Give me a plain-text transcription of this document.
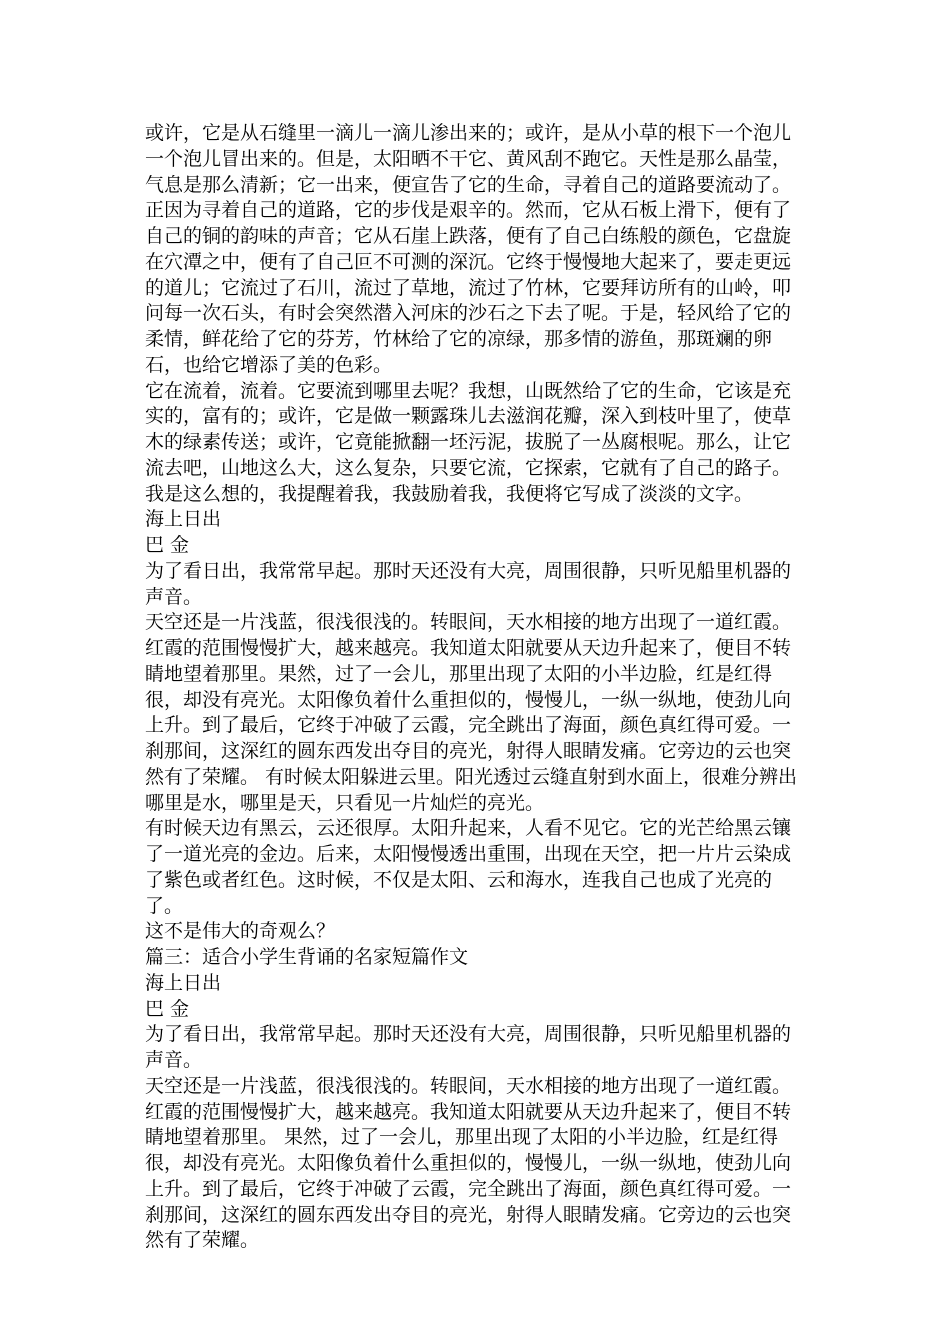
或许，它是从石缝里一滴儿一滴儿渗出来的；或许，是从小草的根下一个泡儿
一个泡儿冒出来的。但是，太阳晒不干它、黄风刮不跑它。天性是那么晶莹，
气息是那么清新；它一出来，便宣告了它的生命，寻着自己的道路要流动了。
正因为寻着自己的道路，它的步伐是艰辛的。然而，它从石板上滑下，便有了
自己的铜的韵味的声音；它从石崖上跌落，便有了自己白练般的颜色，它盘旋
在穴潭之中，便有了自己叵不可测的深沉。它终于慢慢地大起来了，要走更远
的道儿；它流过了石川，流过了草地，流过了竹林，它要拜访所有的山岭，叩
问每一次石头，有时会突然潜入河床的沙石之下去了呢。于是，轻风给了它的
柔情，鲜花给了它的芬芳，竹林给了它的凉绿，那多情的游鱼，那斑斓的卵
石，也给它增添了美的色彩。
它在流着，流着。它要流到哪里去呢？我想，山既然给了它的生命，它该是充
实的，富有的；或许，它是做一颗露珠儿去滋润花瓣，深入到枝叶里了，使草
木的绿素传送；或许，它竟能掀翻一坯污泥，拔脱了一丛腐根呢。那么，让它
流去吧，山地这么大，这么复杂，只要它流，它探索，它就有了自己的路子。
我是这么想的，我提醒着我，我鼓励着我，我便将它写成了淡淡的文字。
海上日出
巴 金
为了看日出，我常常早起。那时天还没有大亮，周围很静，只听见船里机器的
声音。
天空还是一片浅蓝，很浅很浅的。转眼间，天水相接的地方出现了一道红霞。
红霞的范围慢慢扩大，越来越亮。我知道太阳就要从天边升起来了，便目不转
睛地望着那里。果然，过了一会儿，那里出现了太阳的小半边脸，红是红得
很，却没有亮光。太阳像负着什么重担似的，慢慢儿，一纵一纵地，使劲儿向
上升。到了最后，它终于冲破了云霞，完全跳出了海面，颜色真红得可爱。一
刹那间，这深红的圆东西发出夺目的亮光，射得人眼睛发痛。它旁边的云也突
然有了荣耀。 有时候太阳躲进云里。阳光透过云缝直射到水面上，很难分辨出
哪里是水，哪里是天，只看见一片灿烂的亮光。
有时候天边有黑云，云还很厚。太阳升起来，人看不见它。它的光芒给黑云镶
了一道光亮的金边。后来，太阳慢慢透出重围，出现在天空，把一片片云染成
了紫色或者红色。这时候，不仅是太阳、云和海水，连我自己也成了光亮的
了。
这不是伟大的奇观么？
篇三：适合小学生背诵的名家短篇作文
海上日出
巴 金
为了看日出，我常常早起。那时天还没有大亮，周围很静，只听见船里机器的
声音。
天空还是一片浅蓝，很浅很浅的。转眼间，天水相接的地方出现了一道红霞。
红霞的范围慢慢扩大，越来越亮。我知道太阳就要从天边升起来了，便目不转
睛地望着那里。 果然，过了一会儿，那里出现了太阳的小半边脸，红是红得
很，却没有亮光。太阳像负着什么重担似的，慢慢儿，一纵一纵地，使劲儿向
上升。到了最后，它终于冲破了云霞，完全跳出了海面，颜色真红得可爱。一
刹那间，这深红的圆东西发出夺目的亮光，射得人眼睛发痛。它旁边的云也突
然有了荣耀。
